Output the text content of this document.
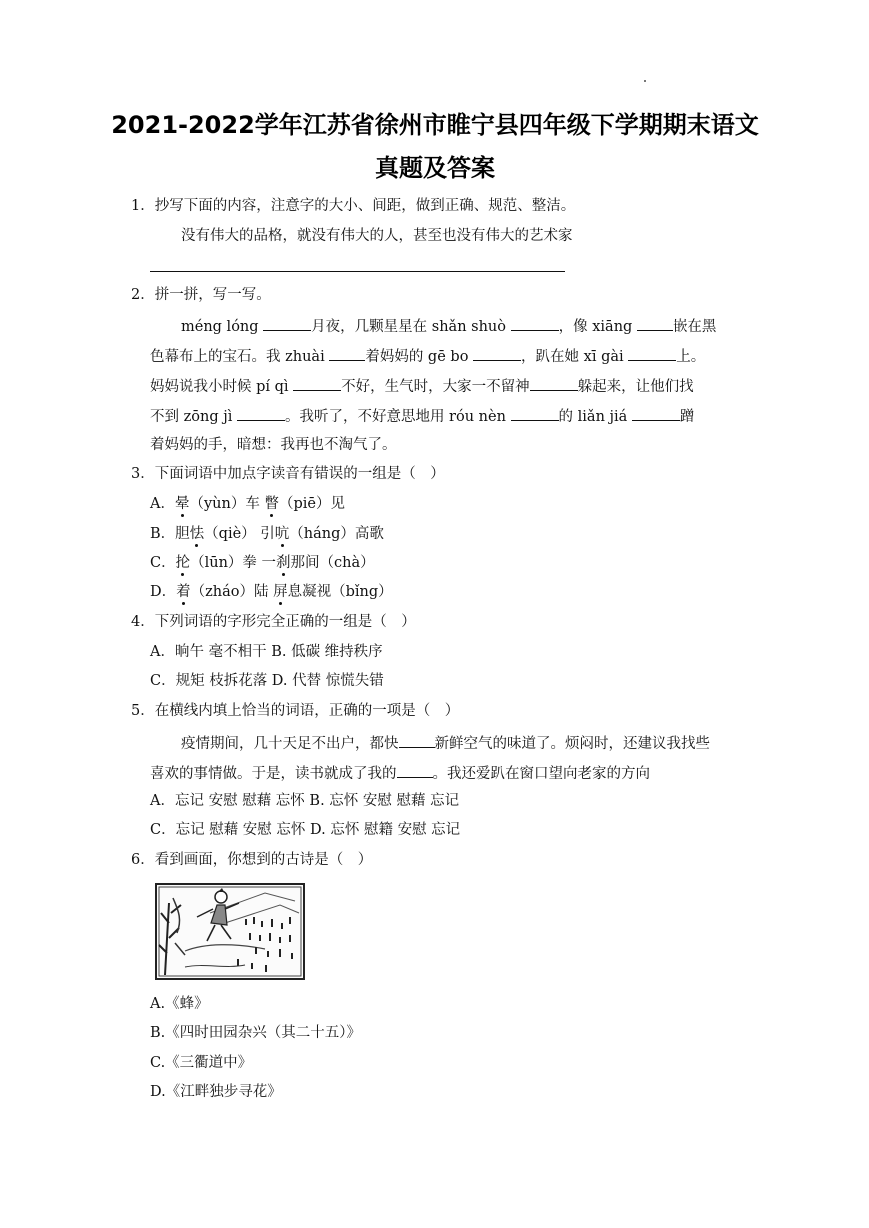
2021-2022学年江苏省徐州市睢宁县四年级下学期期末语文
真题及答案
1．抄写下面的内容，注意字的大小、间距，做到正确、规范、整洁。
没有伟大的品格，就没有伟大的人，甚至也没有伟大的艺术家
2．拼一拼，写一写。
méng lóng	月夜，几颗星星在 shǎn shuò	，像 xiāng 嵌在黑
色幕布上的宝石。我 zhuài 着妈妈的 gē bo	，趴在她 xī gài	上。
妈妈说我小时候 pí qì	不好，生气时，大家一不留神	躲起来，让他们找
不到 zōng jì	。我听了，不好意思地用 róu nèn	的 liǎn jiá	蹭
着妈妈的手，暗想：我再也不淘气了。
3．下面词语中加点字读音有错误的一组是（　）
A．晕（yùn）车 瞥（piē）见
B．胆怯（qiè） 引吭（háng）高歌
C．抡（lūn）拳 一刹那间（chà）
D．着（zháo）陆 屏息凝视（bǐng）
4．下列词语的字形完全正确的一组是（　）
A．晌午 毫不相干 B. 低碳 维持秩序
C．规矩 枝拆花落 D. 代替 惊慌失错
5．在横线内填上恰当的词语，正确的一项是（　）
疫情期间，几十天足不出户，都快 新鲜空气的味道了。烦闷时，还建议我找些
喜欢的事情做。于是，读书就成了我的 。我还爱趴在窗口望向老家的方向
A．忘记 安慰 慰藉 忘怀 B. 忘怀 安慰 慰藉 忘记
C．忘记 慰藉 安慰 忘怀 D. 忘怀 慰籍 安慰 忘记
6．看到画面，你想到的古诗是（　）
A.《蜂》
B.《四时田园杂兴（其二十五）》
C.《三衢道中》
D.《江畔独步寻花》
